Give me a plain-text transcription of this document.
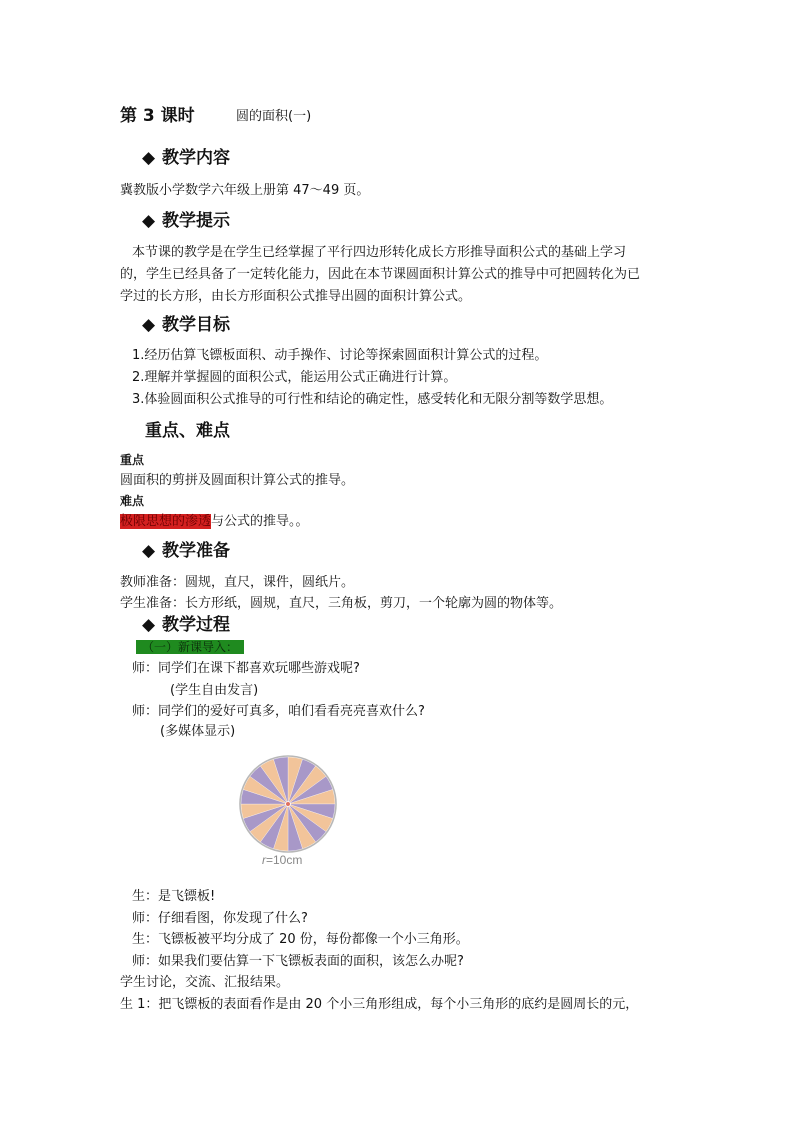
第 3 课时	圆的面积(一)
◆ 教学内容
冀教版小学数学六年级上册第 47～49 页。
◆ 教学提示
本节课的教学是在学生已经掌握了平行四边形转化成长方形推导面积公式的基础上学习
的，学生已经具备了一定转化能力，因此在本节课圆面积计算公式的推导中可把圆转化为已
学过的长方形，由长方形面积公式推导出圆的面积计算公式。
◆ 教学目标
1.经历估算飞镖板面积、动手操作、讨论等探索圆面积计算公式的过程。
2.理解并掌握圆的面积公式，能运用公式正确进行计算。
3.体验圆面积公式推导的可行性和结论的确定性，感受转化和无限分割等数学思想。
重点、难点
重点
圆面积的剪拼及圆面积计算公式的推导。
难点
极限思想的渗透与公式的推导。。
◆ 教学准备
教师准备：圆规，直尺，课件，圆纸片。
学生准备：长方形纸，圆规，直尺，三角板，剪刀，一个轮廓为圆的物体等。
◆ 教学过程
（一）新课导入：
师：同学们在课下都喜欢玩哪些游戏呢?
(学生自由发言)
师：同学们的爱好可真多，咱们看看亮亮喜欢什么?
(多媒体显示)
r=10cm
生：是飞镖板!
师：仔细看图，你发现了什么?
生：飞镖板被平均分成了 20 份，每份都像一个小三角形。
师：如果我们要估算一下飞镖板表面的面积，该怎么办呢?
学生讨论，交流、汇报结果。
生 1：把飞镖板的表面看作是由 20 个小三角形组成，每个小三角形的底约是圆周长的元，
